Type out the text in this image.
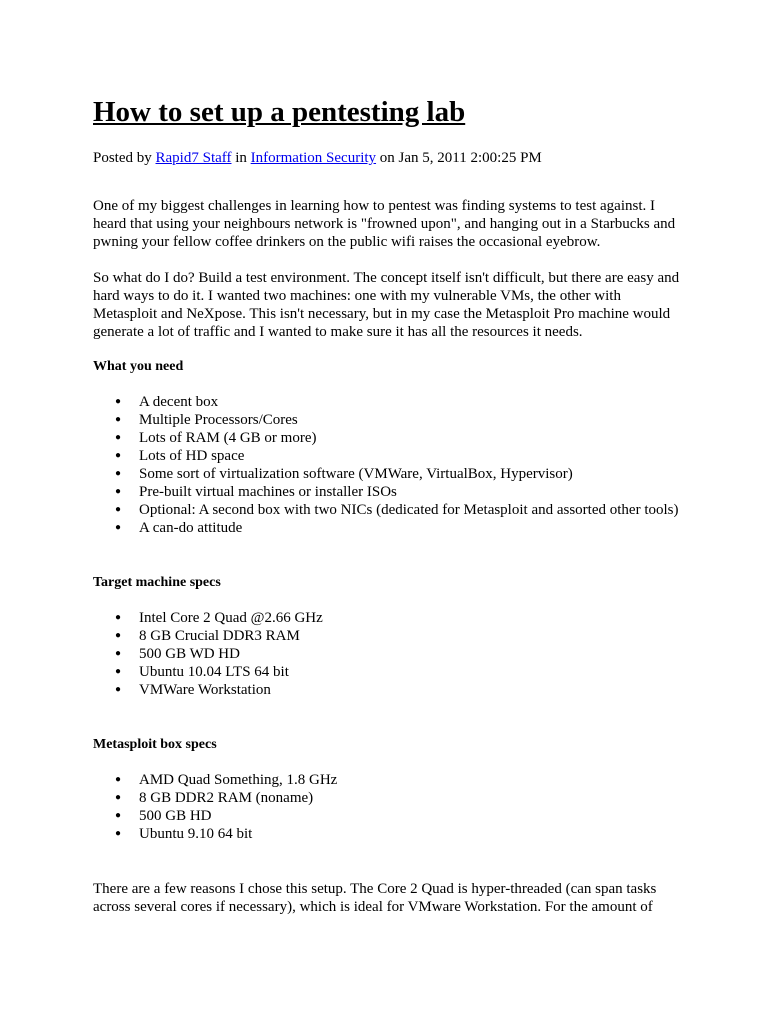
How to set up a pentesting lab
Posted by Rapid7 Staff in Information Security on Jan 5, 2011 2:00:25 PM

One of my biggest challenges in learning how to pentest was finding systems to test against. I heard that using your neighbours network is "frowned upon", and hanging out in a Starbucks and pwning your fellow coffee drinkers on the public wifi raises the occasional eyebrow.

So what do I do? Build a test environment. The concept itself isn't difficult, but there are easy and hard ways to do it. I wanted two machines: one with my vulnerable VMs, the other with Metasploit and NeXpose. This isn't necessary, but in my case the Metasploit Pro machine would generate a lot of traffic and I wanted to make sure it has all the resources it needs.

What you need
● A decent box
● Multiple Processors/Cores
● Lots of RAM (4 GB or more)
● Lots of HD space
● Some sort of virtualization software (VMWare, VirtualBox, Hypervisor)
● Pre-built virtual machines or installer ISOs
● Optional: A second box with two NICs (dedicated for Metasploit and assorted other tools)
● A can-do attitude
Target machine specs
● Intel Core 2 Quad @2.66 GHz
● 8 GB Crucial DDR3 RAM
● 500 GB WD HD
● Ubuntu 10.04 LTS 64 bit
● VMWare Workstation
Metasploit box specs
● AMD Quad Something, 1.8 GHz
● 8 GB DDR2 RAM (noname)
● 500 GB HD
● Ubuntu 9.10 64 bit

There are a few reasons I chose this setup. The Core 2 Quad is hyper-threaded (can span tasks across several cores if necessary), which is ideal for VMware Workstation. For the amount of
